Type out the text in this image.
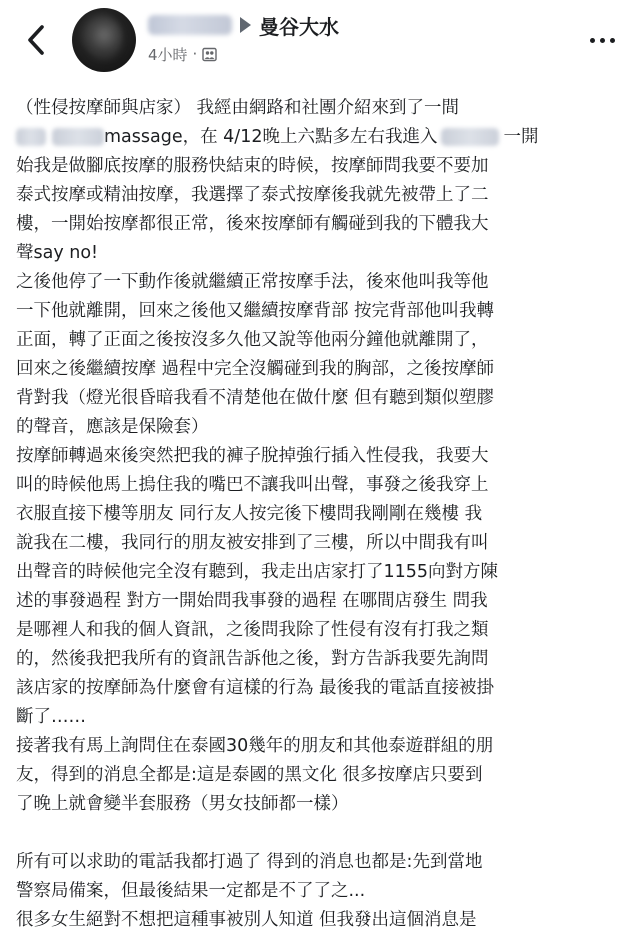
曼谷大水
4小時 ·

（性侵按摩師與店家） 我經由網路和社團介紹來到了一間

massage，在 4/12晚上六點多左右我進入	一開

始我是做腳底按摩的服務快結束的時候，按摩師問我要不要加

泰式按摩或精油按摩，我選擇了泰式按摩後我就先被帶上了二

樓，一開始按摩都很正常，後來按摩師有觸碰到我的下體我大

聲say no!

之後他停了一下動作後就繼續正常按摩手法，後來他叫我等他

一下他就離開，回來之後他又繼續按摩背部 按完背部他叫我轉

正面，轉了正面之後按沒多久他又說等他兩分鐘他就離開了，

回來之後繼續按摩 過程中完全沒觸碰到我的胸部，之後按摩師

背對我（燈光很昏暗我看不清楚他在做什麼 但有聽到類似塑膠

的聲音，應該是保險套）

按摩師轉過來後突然把我的褲子脫掉強行插入性侵我，我要大

叫的時候他馬上摀住我的嘴巴不讓我叫出聲，事發之後我穿上

衣服直接下樓等朋友 同行友人按完後下樓問我剛剛在幾樓 我

說我在二樓，我同行的朋友被安排到了三樓，所以中間我有叫

出聲音的時候他完全沒有聽到，我走出店家打了1155向對方陳

述的事發過程 對方一開始問我事發的過程 在哪間店發生 問我

是哪裡人和我的個人資訊，之後問我除了性侵有沒有打我之類

的，然後我把我所有的資訊告訴他之後，對方告訴我要先詢問

該店家的按摩師為什麼會有這樣的行為 最後我的電話直接被掛

斷了……

接著我有馬上詢問住在泰國30幾年的朋友和其他泰遊群組的朋

友，得到的消息全都是:這是泰國的黑文化 很多按摩店只要到

了晚上就會變半套服務（男女技師都一樣）

所有可以求助的電話我都打過了 得到的消息也都是:先到當地

警察局備案，但最後結果一定都是不了了之...

很多女生絕對不想把這種事被別人知道 但我發出這個消息是
